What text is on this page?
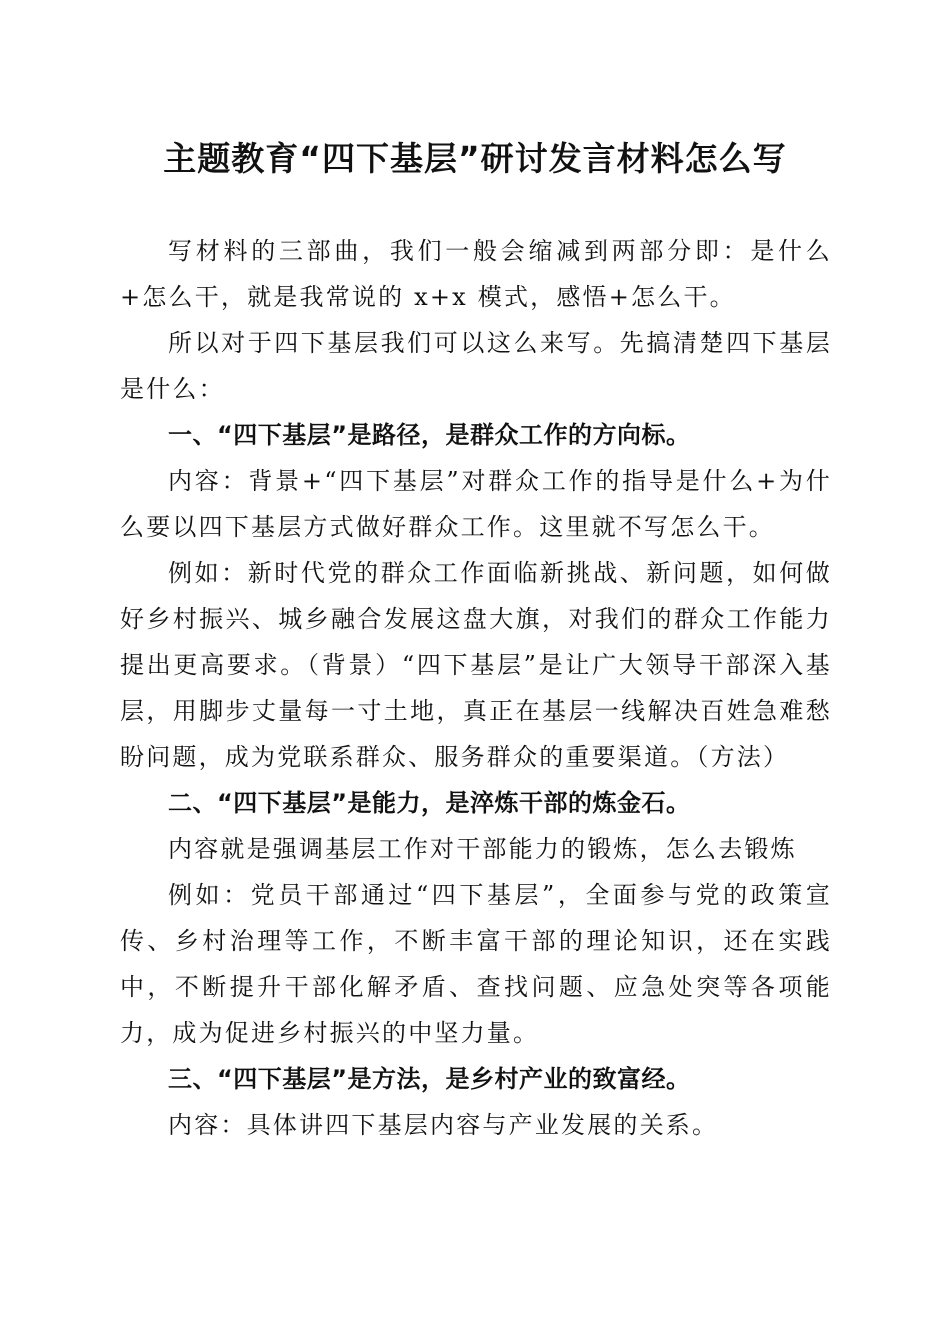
主题教育“四下基层”研讨发言材料怎么写

写材料的三部曲，我们一般会缩减到两部分即：是什么+怎么干，就是我常说的 x+x 模式，感悟+怎么干。

所以对于四下基层我们可以这么来写。先搞清楚四下基层是什么：

一、“四下基层”是路径，是群众工作的方向标。

内容：背景+“四下基层”对群众工作的指导是什么+为什么要以四下基层方式做好群众工作。这里就不写怎么干。

例如：新时代党的群众工作面临新挑战、新问题，如何做好乡村振兴、城乡融合发展这盘大旗，对我们的群众工作能力提出更高要求。（背景）“四下基层”是让广大领导干部深入基层，用脚步丈量每一寸土地，真正在基层一线解决百姓急难愁盼问题，成为党联系群众、服务群众的重要渠道。（方法）

二、“四下基层”是能力，是淬炼干部的炼金石。

内容就是强调基层工作对干部能力的锻炼，怎么去锻炼

例如：党员干部通过“四下基层”，全面参与党的政策宣传、乡村治理等工作，不断丰富干部的理论知识，还在实践中，不断提升干部化解矛盾、查找问题、应急处突等各项能力，成为促进乡村振兴的中坚力量。

三、“四下基层”是方法，是乡村产业的致富经。

内容：具体讲四下基层内容与产业发展的关系。
